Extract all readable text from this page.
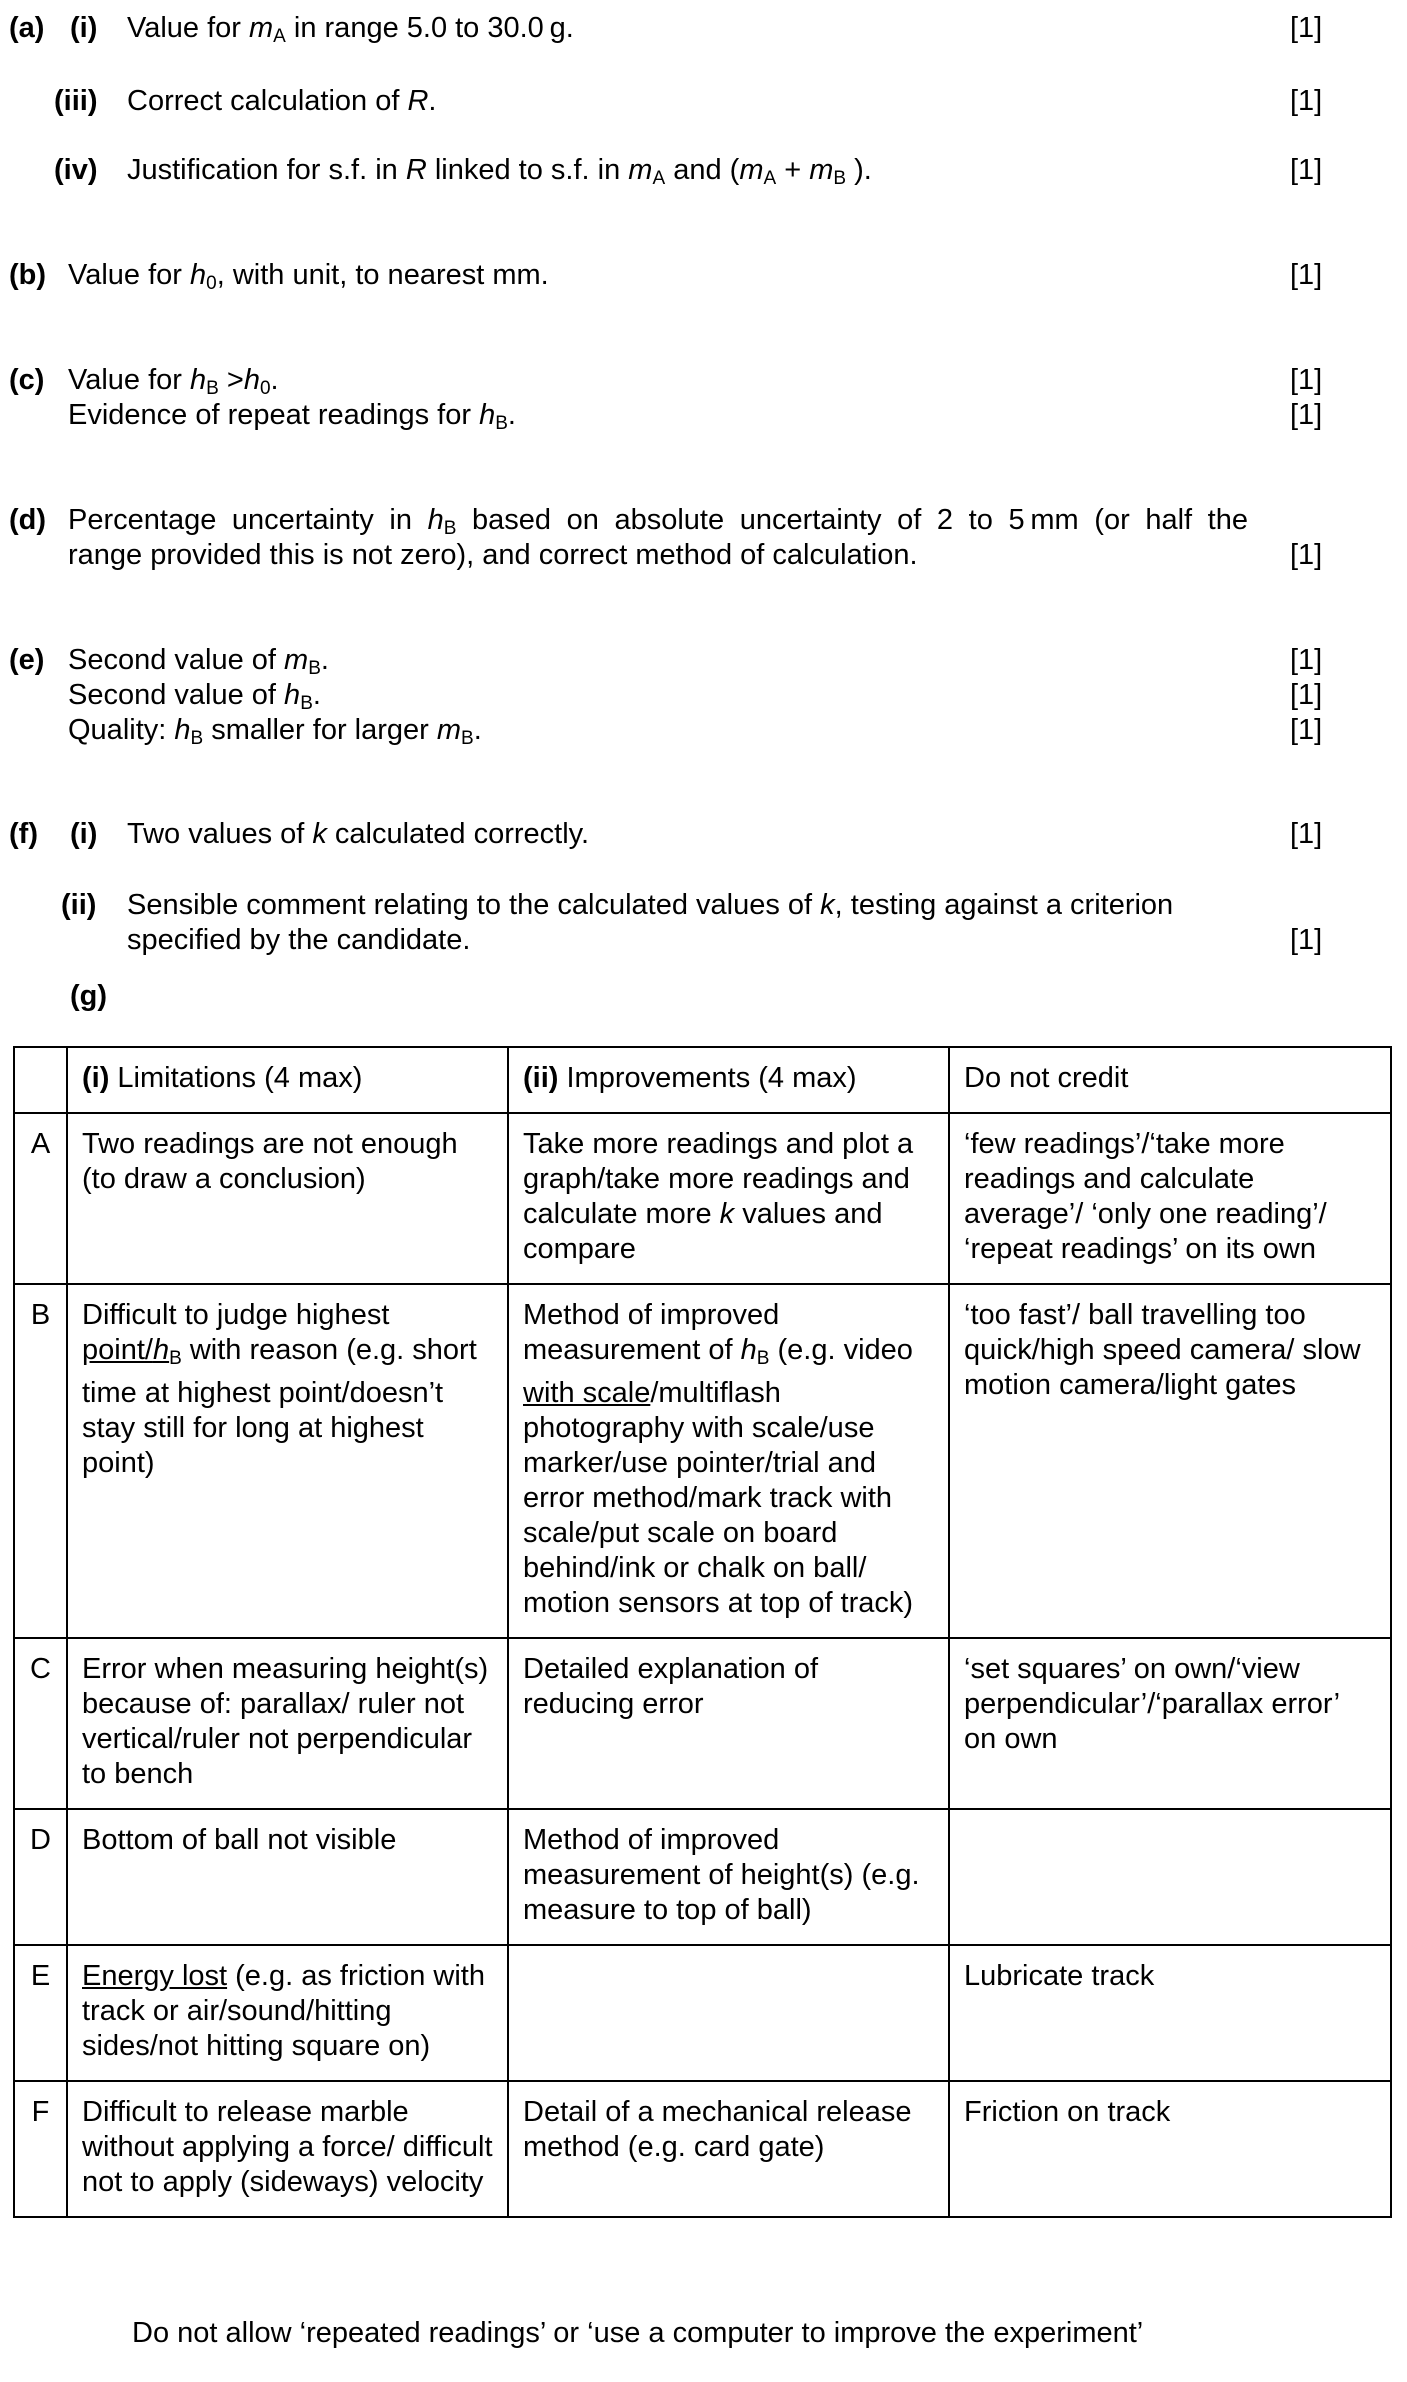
(a) (i) Value for $m_A$ in range 5.0 to 30.0 g.	[1]
(iii) Correct calculation of R.	[1]
(iv) Justification for s.f. in R linked to s.f. in $m_A$ and ($m_A + m_B$ ).	[1]
(b) Value for $h_0$, with unit, to nearest mm.	[1]
(c) Value for $h_B >h_0$.	[1]
Evidence of repeat readings for $h_B$.	[1]
(d) Percentage uncertainty in $h_B$ based on absolute uncertainty of 2 to 5 mm (or half the
range provided this is not zero), and correct method of calculation.	[1]
(e) Second value of $m_B$.	[1]
Second value of $h_B$.	[1]
Quality: $h_B$ smaller for larger $m_B$.	[1]
(f) (i) Two values of k calculated correctly.	[1]
(ii) Sensible comment relating to the calculated values of k, testing against a criterion
specified by the candidate.	[1]
(g)
	(i) Limitations (4 max)	(ii) Improvements (4 max)	Do not credit
A	Two readings are not enough (to draw a conclusion)	Take more readings and plot a graph/take more readings and calculate more k values and compare	‘few readings’/‘take more readings and calculate average’/ ‘only one reading’/ ‘repeat readings’ on its own
B	Difficult to judge highest point/$h_B$ with reason (e.g. short time at highest point/doesn’t stay still for long at highest point)	Method of improved measurement of $h_B$ (e.g. video with scale/multiflash photography with scale/use marker/use pointer/trial and error method/mark track with scale/put scale on board behind/ink or chalk on ball/ motion sensors at top of track)	‘too fast’/ ball travelling too quick/high speed camera/ slow motion camera/light gates
C	Error when measuring height(s) because of: parallax/ ruler not vertical/ruler not perpendicular to bench	Detailed explanation of reducing error	‘set squares’ on own/‘view perpendicular’/‘parallax error’ on own
D	Bottom of ball not visible	Method of improved measurement of height(s) (e.g. measure to top of ball)	
E	Energy lost (e.g. as friction with track or air/sound/hitting sides/not hitting square on)		Lubricate track
F	Difficult to release marble without applying a force/ difficult not to apply (sideways) velocity	Detail of a mechanical release method (e.g. card gate)	Friction on track
Do not allow ‘repeated readings’ or ‘use a computer to improve the experiment’
